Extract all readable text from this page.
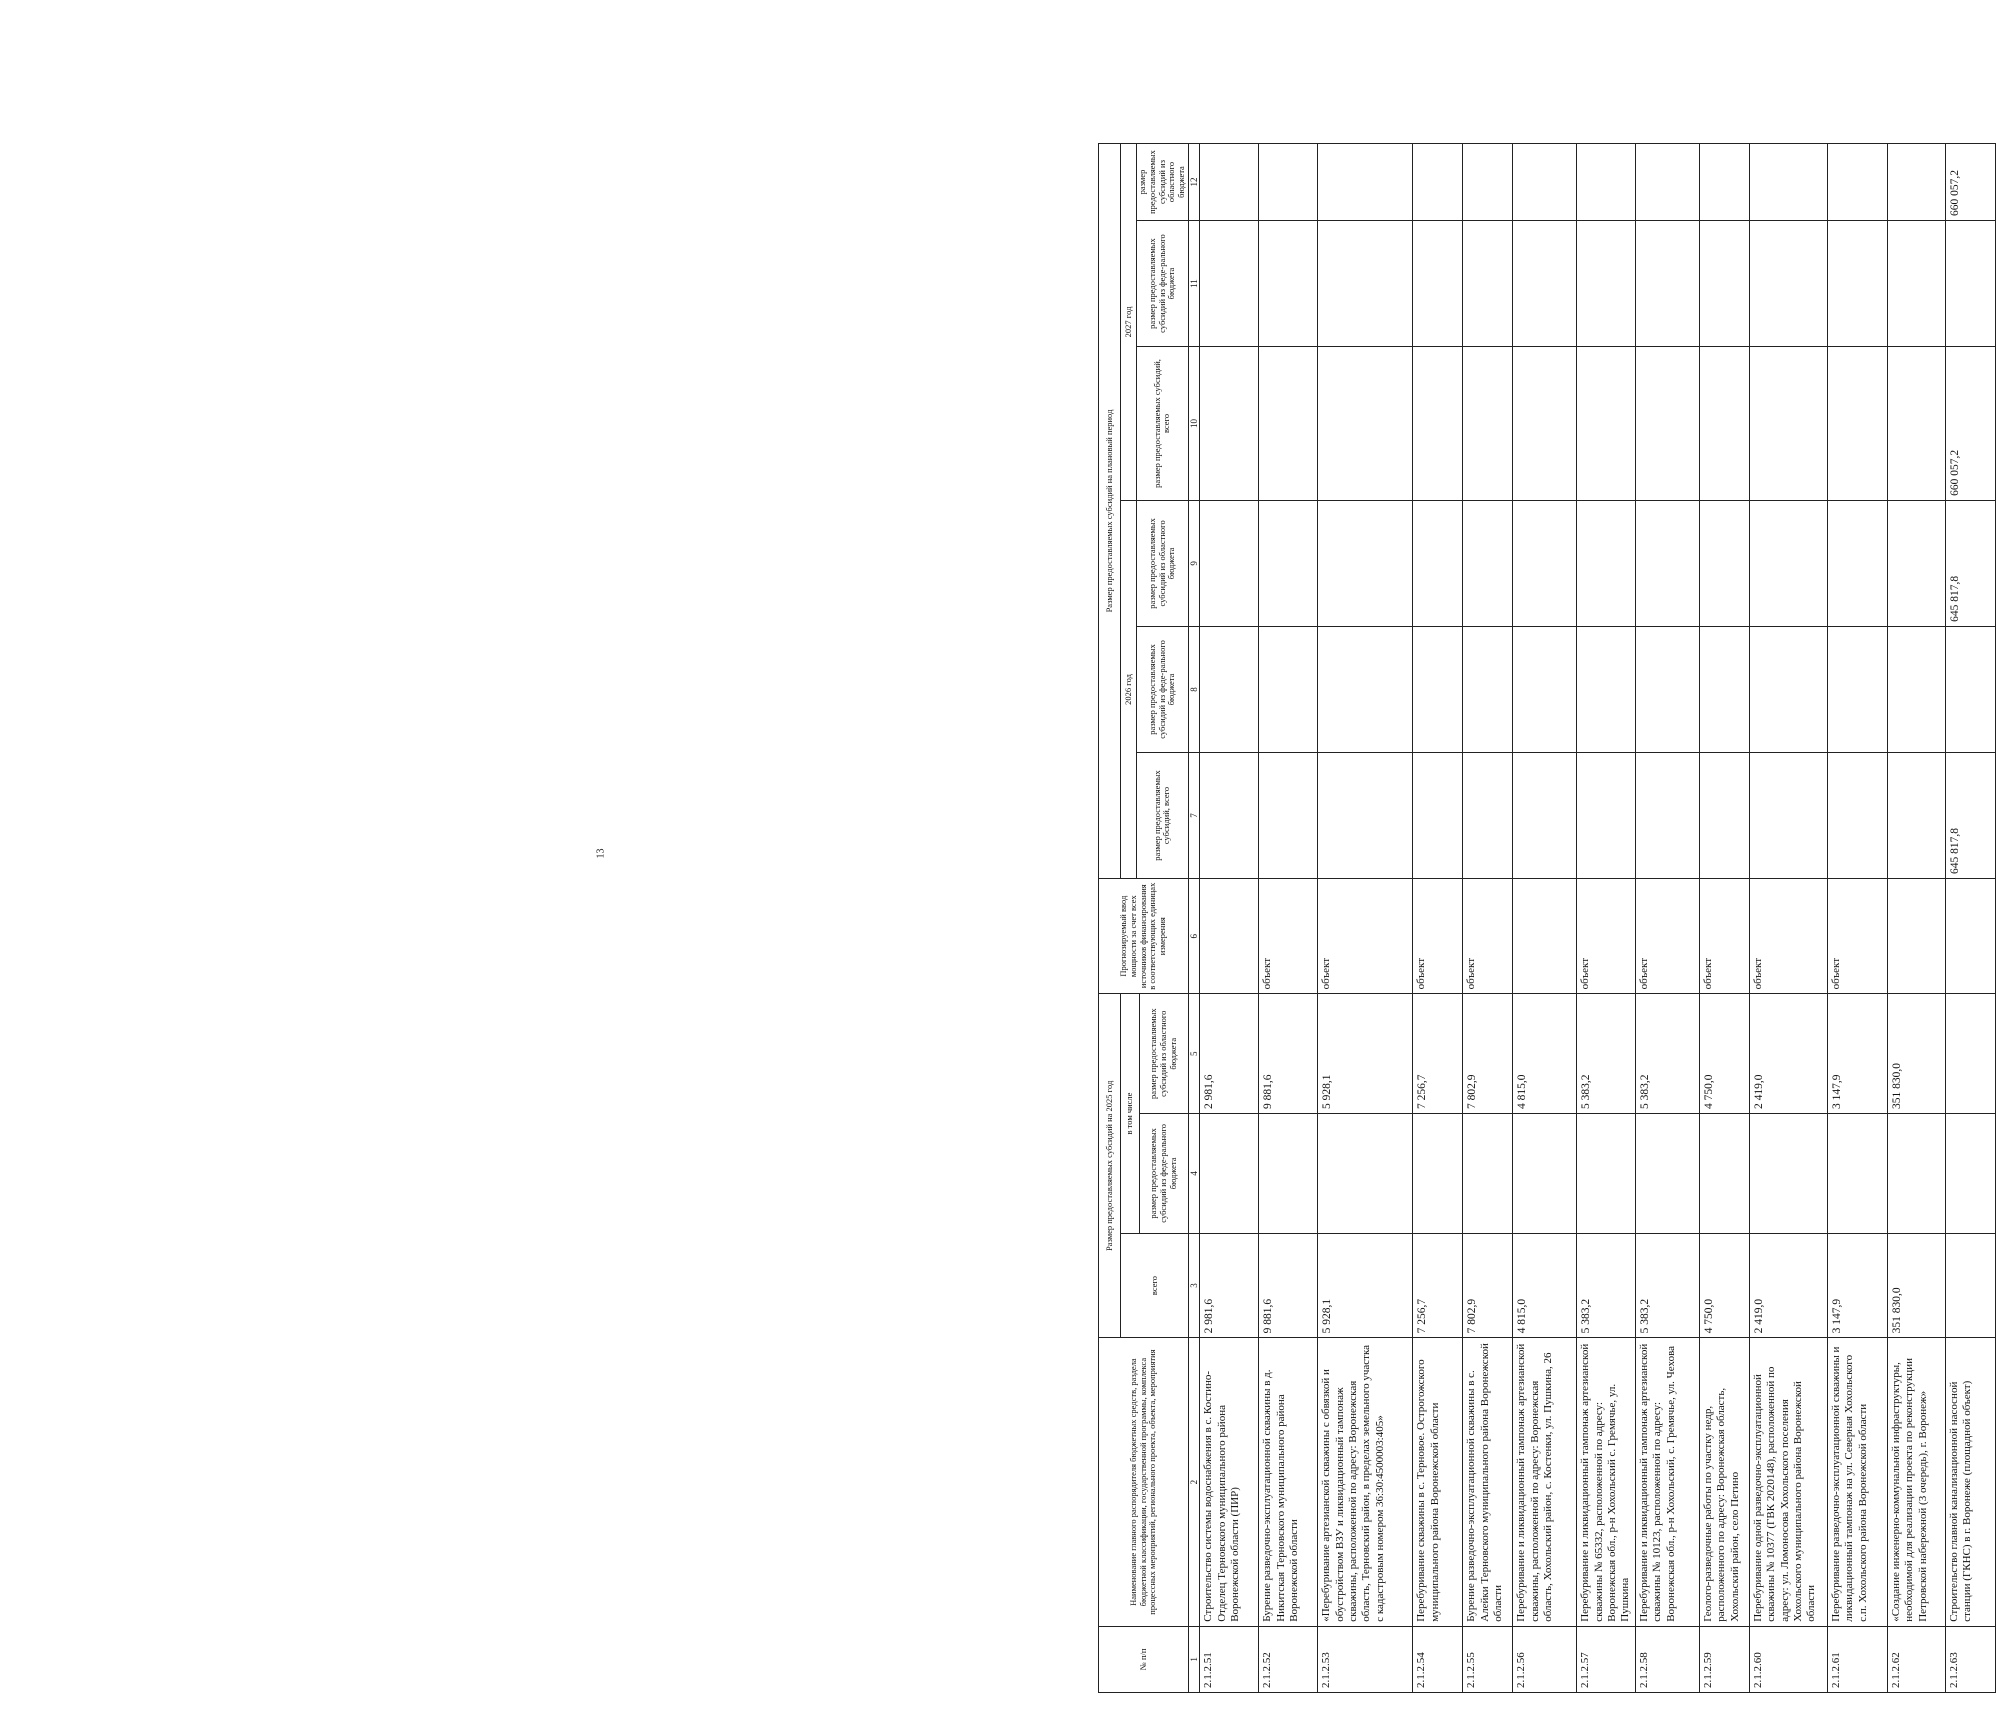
13
№ п/п	Наименование главного распорядителя бюджетных средств, раздела бюджетной классификации, государственной программы, комплекса процессных мероприятий, регионального проекта, объекта, мероприятия	Размер предоставляемых субсидий на 2025 год			Прогнозируемый ввод мощности за счет всех источников финансирования в соответствующих единицах измерения	Размер предоставляемых субсидий на плановый период					
		всего	в том числе			2026 год			2027 год		
						размер предоставляемых субсидий, всего	размер предоставляемых субсидий из феде-рального бюджета	размер предоставляемых субсидий из областного бюджета	размер предоставляемых субсидий, всего	размер предоставляемых субсидий из феде-рального бюджета	размер предоставляемых субсидий из областного бюджета
			размер предоставляемых субсидий из феде-рального бюджета	размер предоставляемых субсидий из областного бюджета							
1	2	3	4	5	6	7	8	9	10	11	12
2.1.2.51	Строительство системы водоснабжения в с. Костино-Отделец Терновского муниципального района Воронежской области (ПИР)	2 981,6		2 981,6							
2.1.2.52	Бурение разведочно-эксплуатационной скважины в д. Никитская Терновского муниципального района Воронежской области	9 881,6		9 881,6	объект						
2.1.2.53	«Перебуривание артезианской скважины с обвязкой и обустройством ВЗУ и ликвидационный тампонаж скважины, расположенной по адресу: Воронежская область, Терновский район, в пределах земельного участка с кадастровым номером 36:30:4500003:405»	5 928,1		5 928,1	объект						
2.1.2.54	Перебуривание скважины в с. Терновое. Острогожского муниципального района Воронежской области	7 256,7		7 256,7	объект						
2.1.2.55	Бурение разведочно-эксплуатационной скважины в с. Алейки Терновского муниципального района Воронежской области	7 802,9		7 802,9	объект						
2.1.2.56	Перебуривание и ликвидационный тампонаж артезианской скважины, расположенной по адресу: Воронежская область, Хохольский район, с. Костенки, ул. Пушкина, 26	4 815,0		4 815,0							
2.1.2.57	Перебуривание и ликвидационный тампонаж артезианской скважины № 65332, расположенной по адресу: Воронежская обл., р-н Хохольский с. Гремячье, ул. Пушкина	5 383,2		5 383,2	объект						
2.1.2.58	Перебуривание и ликвидационный тампонаж артезианской скважины № 10123, расположенной по адресу: Воронежская обл., р-н Хохольский, с. Гремячье, ул. Чехова	5 383,2		5 383,2	объект						
2.1.2.59	Геолого-разведочные работы по участку недр, расположенного по адресу: Воронежская область, Хохольский район, село Петино	4 750,0		4 750,0	объект						
2.1.2.60	Перебуривание одной разведочно-эксплуатационной скважины № 10377 (ГВК 2020148), расположенной по адресу: ул. Ломоносова Хохольского поселения Хохольского муниципального района Воронежской области	2 419,0		2 419,0	объект						
2.1.2.61	Перебуривание разведочно-эксплуатационной скважины и ликвидационный тампонаж на ул. Северная Хохольского с.п. Хохольского района Воронежской области	3 147,9		3 147,9	объект						
2.1.2.62	«Создание инженерно-коммунальной инфраструктуры, необходимой для реализации проекта по реконструкции Петровской набережной (3 очередь), г. Воронеж»	351 830,0		351 830,0							
2.1.2.63	Строительство главной канализационной насосной станции (ГКНС) в г. Воронеже (площадной объект)					645 817,8		645 817,8	660 057,2		660 057,2
